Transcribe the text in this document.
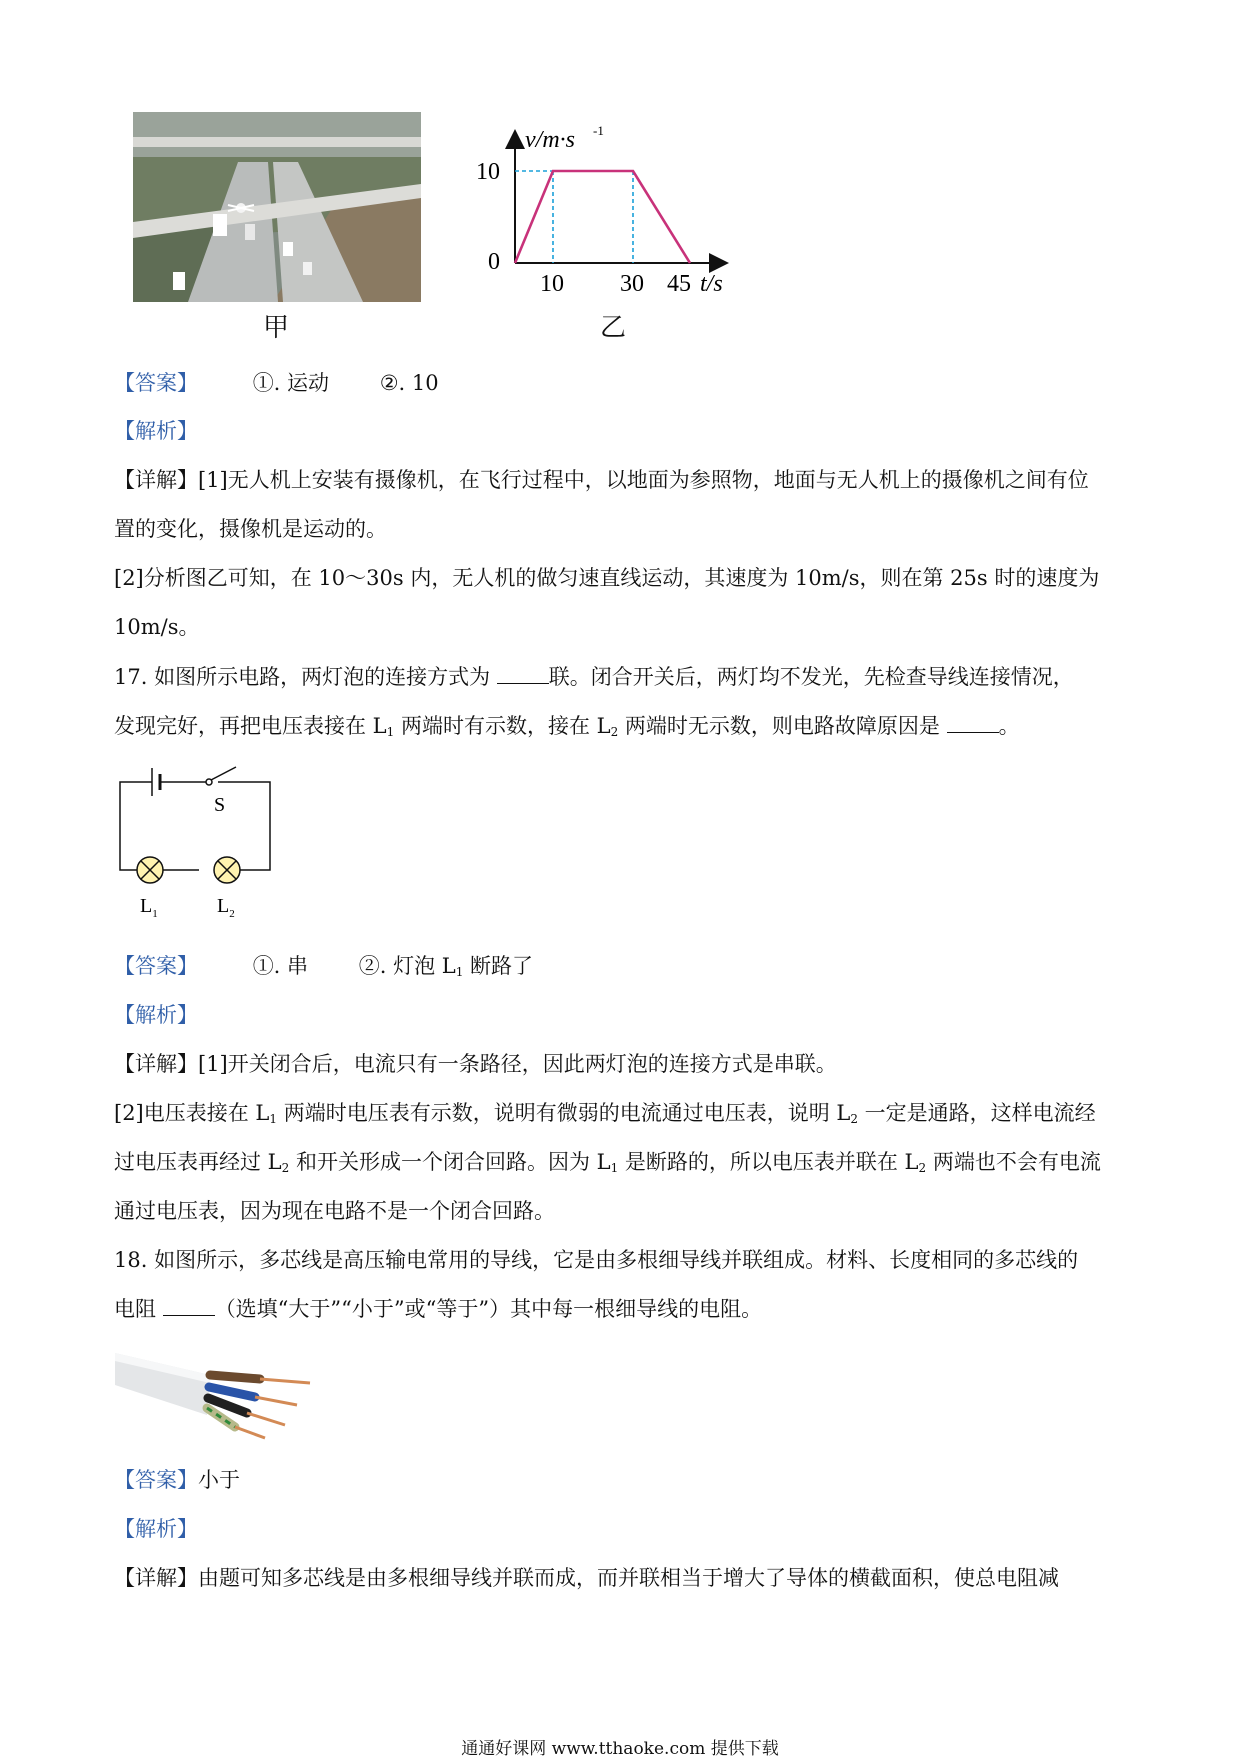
甲
v/m·s -1
10
0
10 30 45 t/s
乙
【答案】	①. 运动 ②. 10
【解析】
【详解】[1]无人机上安装有摄像机，在飞行过程中，以地面为参照物，地面与无人机上的摄像机之间有位
置的变化，摄像机是运动的。
[2]分析图乙可知，在 10～30s 内，无人机的做匀速直线运动，其速度为 10m/s，则在第 25s 时的速度为
10m/s。
17. 如图所示电路，两灯泡的连接方式为 联。闭合开关后，两灯均不发光，先检查导线连接情况，
发现完好，再把电压表接在 $L_1$ 两端时有示数，接在 $L_2$ 两端时无示数，则电路故障原因是 。
S
$L_1$	$L_2$
【答案】	①. 串 ②. 灯泡 $L_1$ 断路了
【解析】
【详解】[1]开关闭合后，电流只有一条路径，因此两灯泡的连接方式是串联。
[2]电压表接在 $L_1$ 两端时电压表有示数，说明有微弱的电流通过电压表，说明 $L_2$ 一定是通路，这样电流经
过电压表再经过 $L_2$ 和开关形成一个闭合回路。因为 $L_1$ 是断路的，所以电压表并联在 $L_2$ 两端也不会有电流
通过电压表，因为现在电路不是一个闭合回路。
18. 如图所示，多芯线是高压输电常用的导线，它是由多根细导线并联组成。材料、长度相同的多芯线的
电阻 （选填“大于”“小于”或“等于”）其中每一根细导线的电阻。
【答案】小于
【解析】
【详解】由题可知多芯线是由多根细导线并联而成，而并联相当于增大了导体的横截面积，使总电阻减
通通好课网 www.tthaoke.com 提供下载
